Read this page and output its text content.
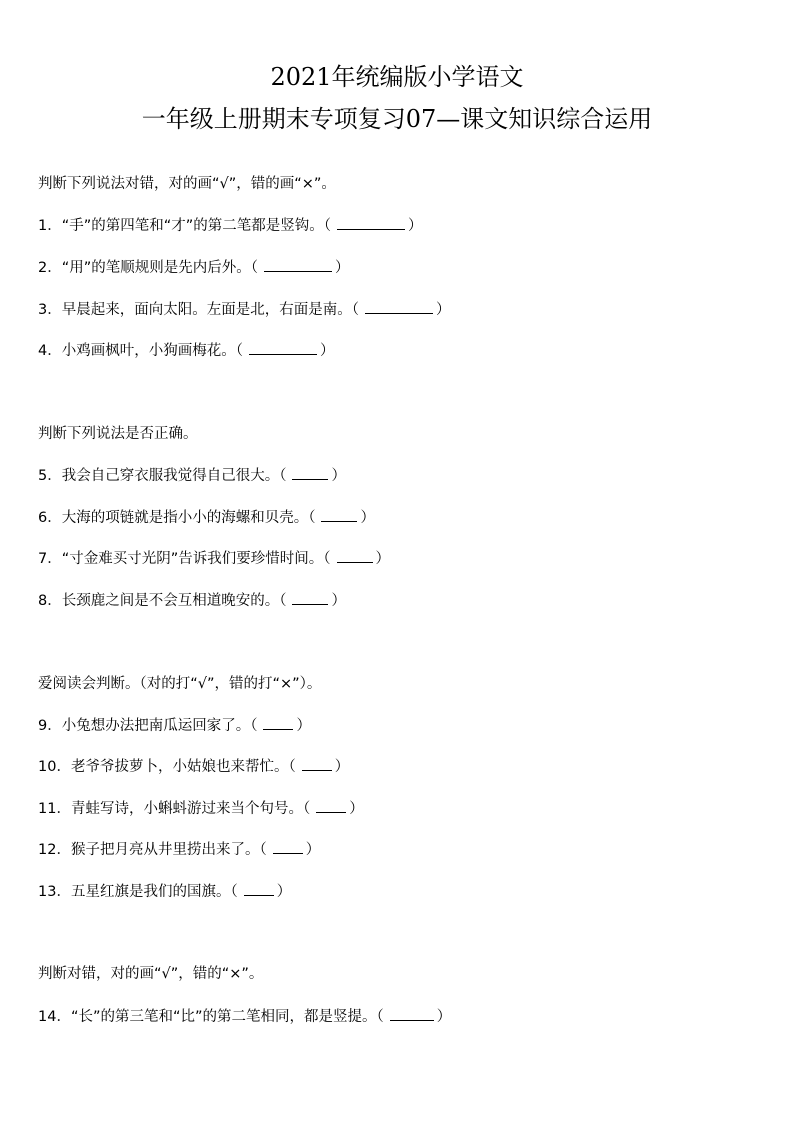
2021年统编版小学语文
一年级上册期末专项复习07—课文知识综合运用
判断下列说法对错，对的画“√”，错的画“×”。
1．“手”的第四笔和“才”的第二笔都是竖钩。（	）
2．“用”的笔顺规则是先内后外。（	）
3．早晨起来，面向太阳。左面是北，右面是南。（	）
4．小鸡画枫叶，小狗画梅花。（	）
判断下列说法是否正确。
5．我会自己穿衣服我觉得自己很大。（	）
6．大海的项链就是指小小的海螺和贝壳。（	）
7．“寸金难买寸光阴”告诉我们要珍惜时间。（	）
8．长颈鹿之间是不会互相道晚安的。（	）
爱阅读会判断。（对的打“√”，错的打“×”）。
9．小兔想办法把南瓜运回家了。（	）
10．老爷爷拔萝卜，小姑娘也来帮忙。（	）
11．青蛙写诗，小蝌蚪游过来当个句号。（	）
12．猴子把月亮从井里捞出来了。（	）
13．五星红旗是我们的国旗。（	）
判断对错，对的画“√”，错的“×”。
14．“长”的第三笔和“比”的第二笔相同，都是竖提。（	）
